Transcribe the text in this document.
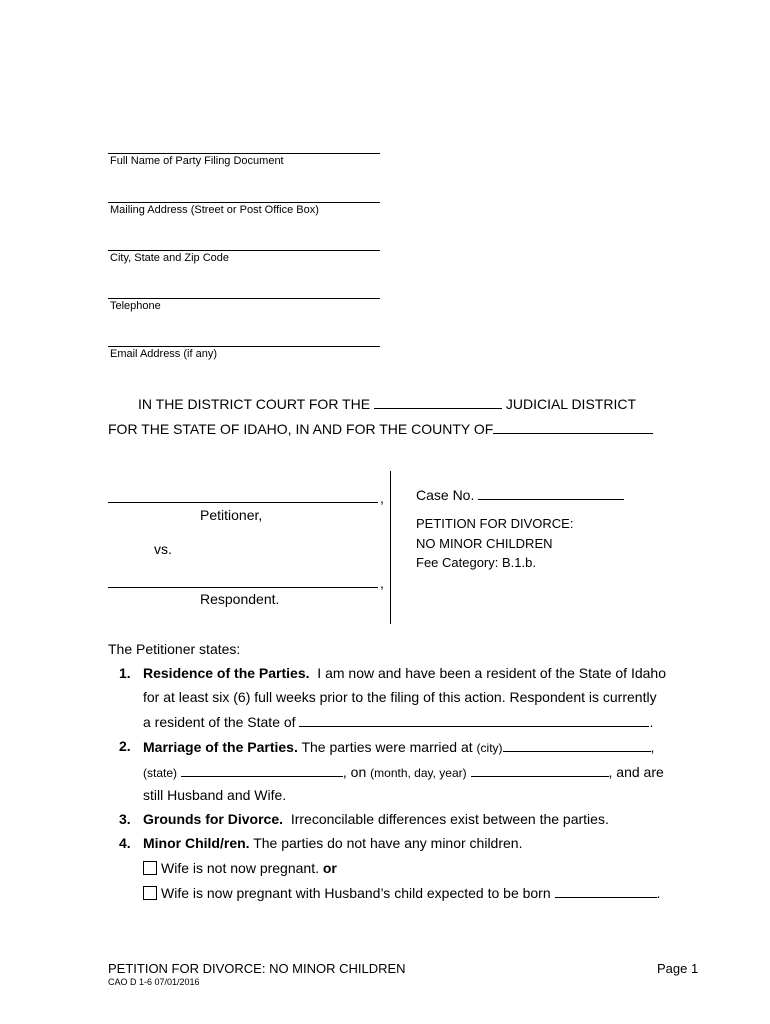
Full Name of Party Filing Document
Mailing Address (Street or Post Office Box)
City, State and Zip Code
Telephone
Email Address (if any)
IN THE DISTRICT COURT FOR THE	JUDICIAL DISTRICT
FOR THE STATE OF IDAHO, IN AND FOR THE COUNTY OF
,
Petitioner,
vs.
,
Respondent.
Case No.
PETITION FOR DIVORCE:
NO MINOR CHILDREN
Fee Category: B.1.b.
The Petitioner states:
1. Residence of the Parties. I am now and have been a resident of the State of Idaho
for at least six (6) full weeks prior to the filing of this action. Respondent is currently
a resident of the State of	.
2. Marriage of the Parties. The parties were married at (city)	,
(state)	, on (month, day, year)	, and are
still Husband and Wife.
3. Grounds for Divorce. Irreconcilable differences exist between the parties.
4. Minor Child/ren. The parties do not have any minor children.
Wife is not now pregnant. or
Wife is now pregnant with Husband’s child expected to be born	.
PETITION FOR DIVORCE: NO MINOR CHILDREN
CAO D 1-6 07/01/2016
Page 1
